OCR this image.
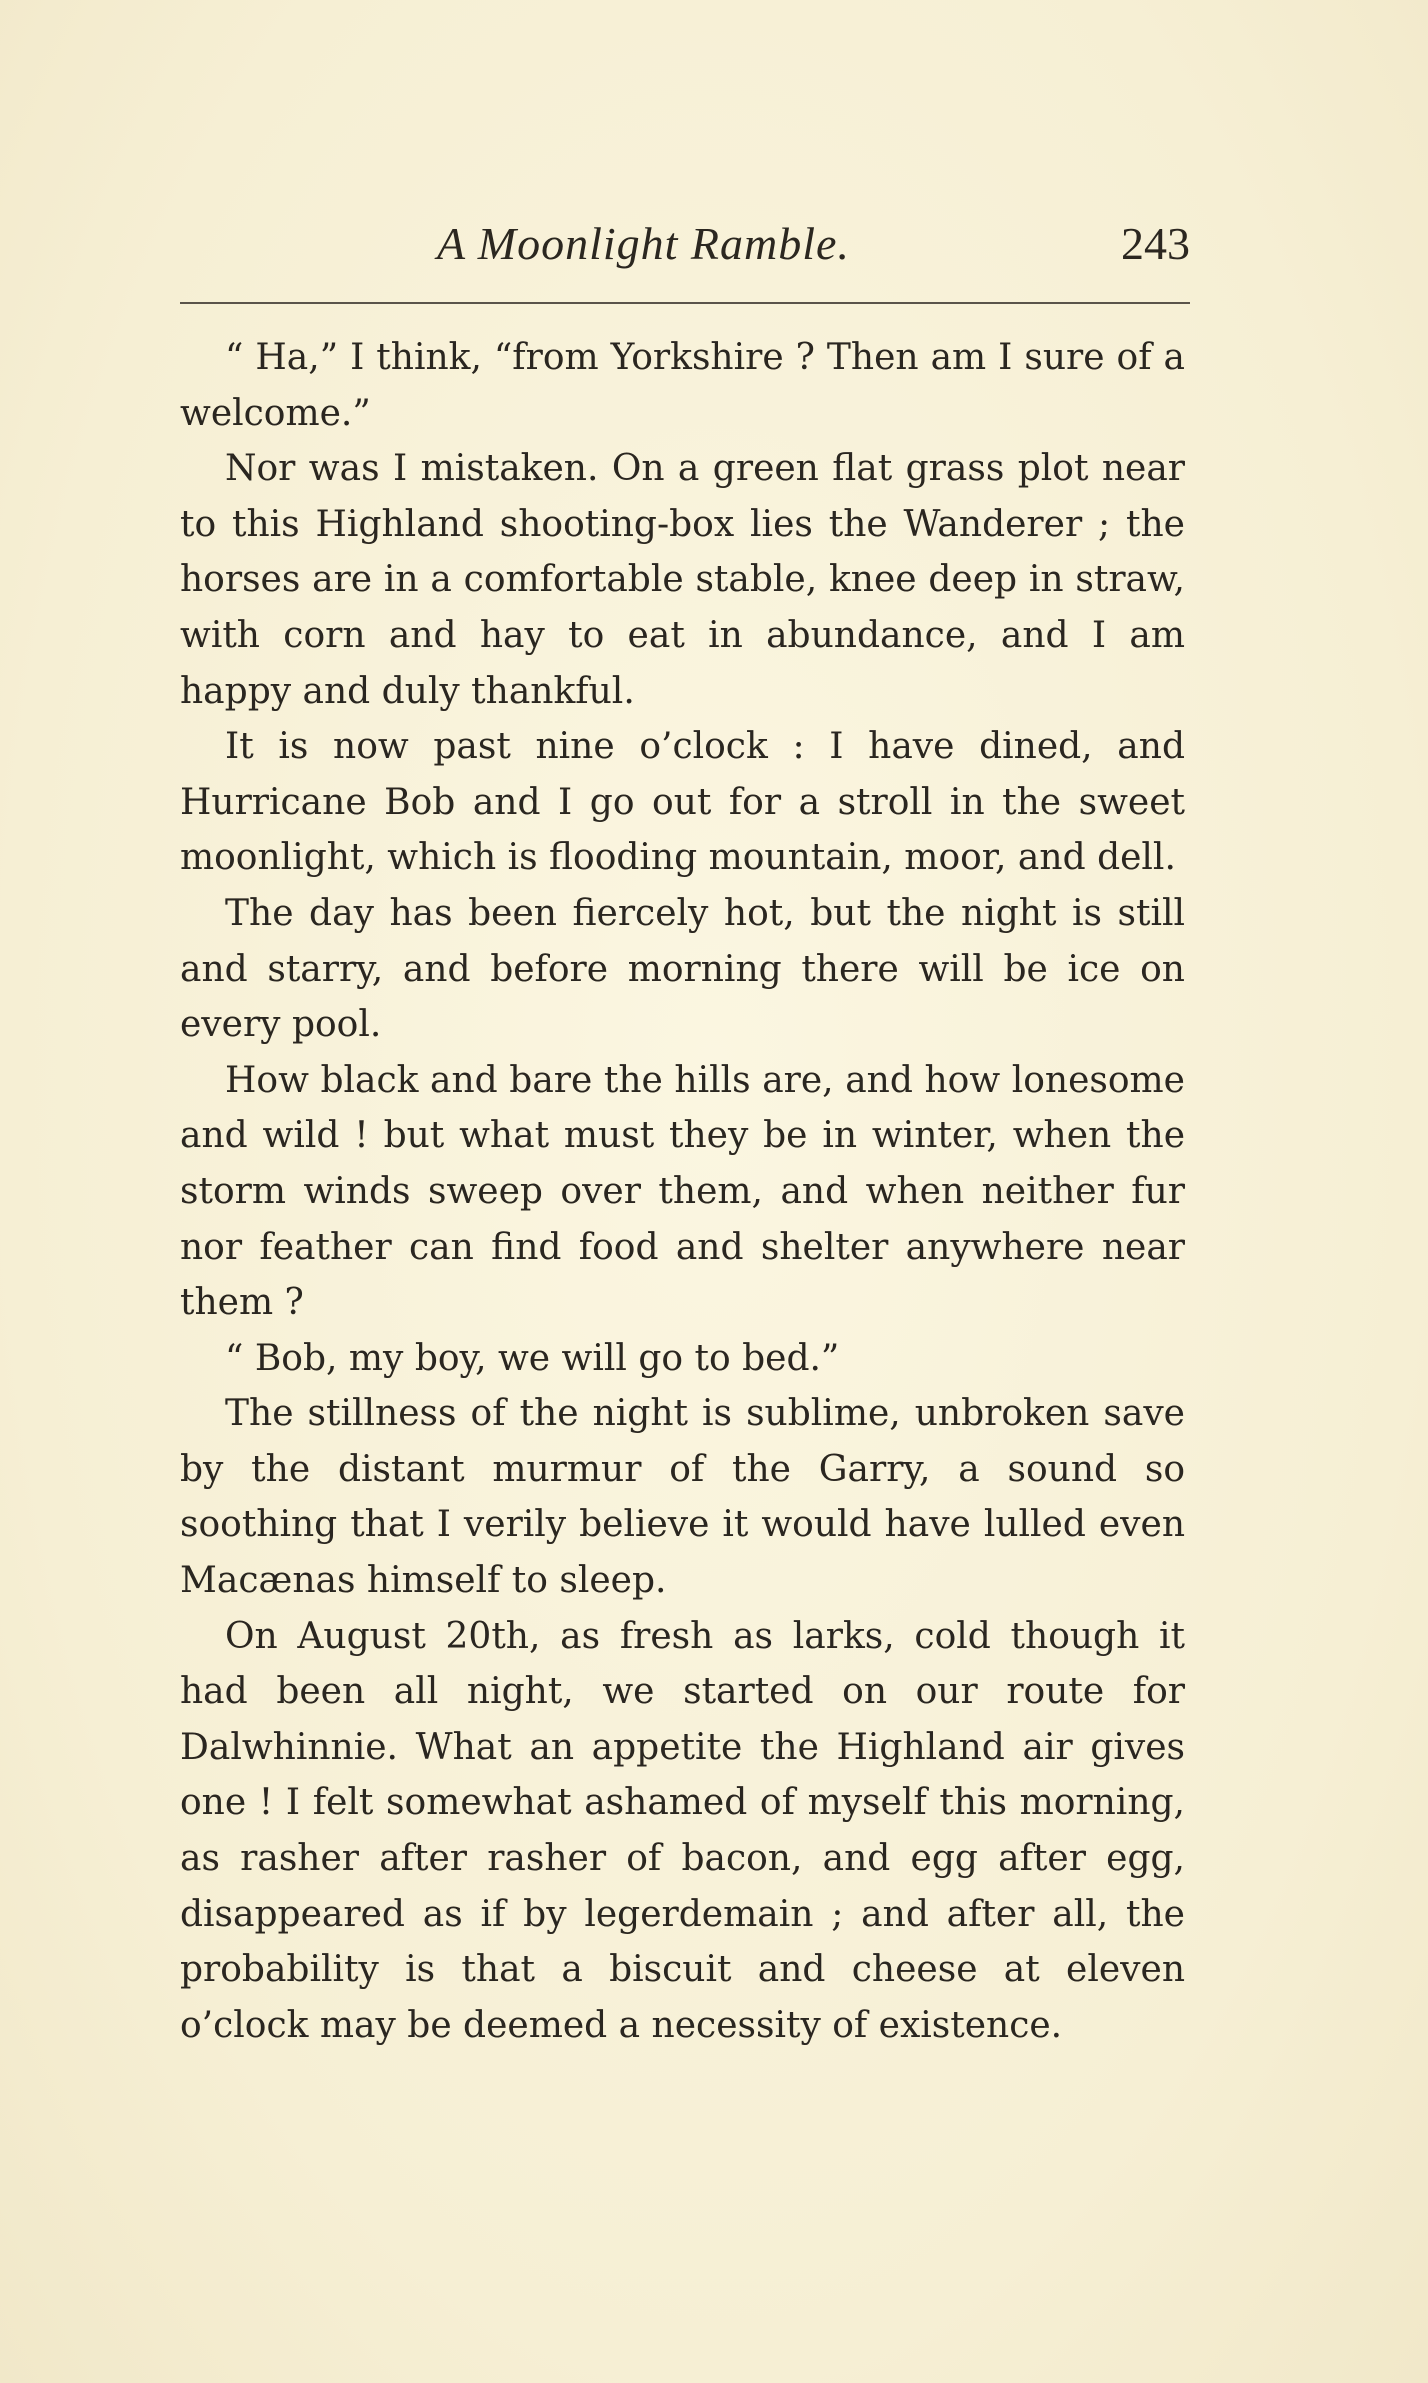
A Moonlight Ramble.	243

“ Ha,” I think, “from Yorkshire ? Then am I sure of a welcome.”

Nor was I mistaken. On a green flat grass plot near to this Highland shooting-box lies the Wanderer ; the horses are in a comfortable stable, knee deep in straw, with corn and hay to eat in abundance, and I am happy and duly thankful.

It is now past nine o’clock : I have dined, and Hurricane Bob and I go out for a stroll in the sweet moonlight, which is flooding mountain, moor, and dell.

The day has been fiercely hot, but the night is still and starry, and before morning there will be ice on every pool.

How black and bare the hills are, and how lonesome and wild ! but what must they be in winter, when the storm winds sweep over them, and when neither fur nor feather can find food and shelter anywhere near them ?

“ Bob, my boy, we will go to bed.”

The stillness of the night is sublime, unbroken save by the distant murmur of the Garry, a sound so soothing that I verily believe it would have lulled even Macænas himself to sleep.

On August 20th, as fresh as larks, cold though it had been all night, we started on our route for Dalwhinnie. What an appetite the Highland air gives one ! I felt somewhat ashamed of myself this morning, as rasher after rasher of bacon, and egg after egg, disappeared as if by legerdemain ; and after all, the probability is that a biscuit and cheese at eleven o’clock may be deemed a necessity of existence.
